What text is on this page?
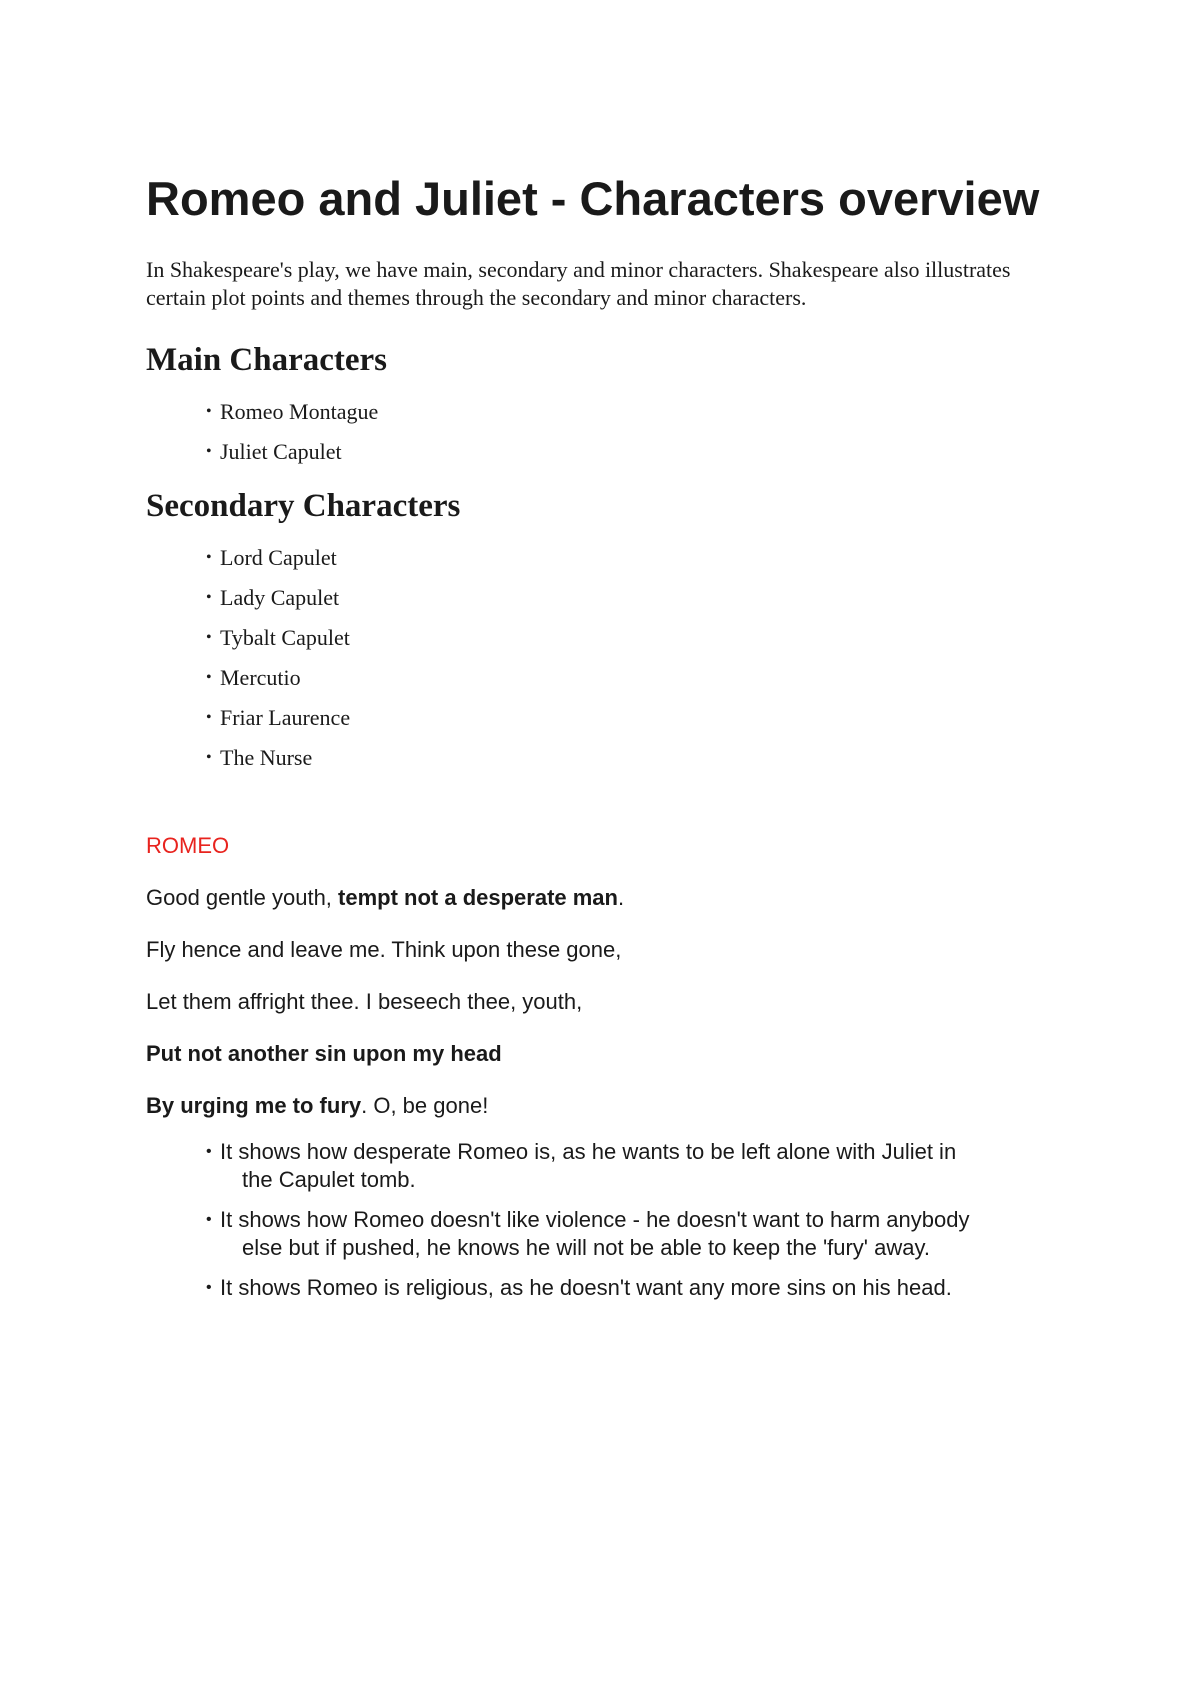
Romeo and Juliet - Characters overview

In Shakespeare's play, we have main, secondary and minor characters. Shakespeare also illustrates certain plot points and themes through the secondary and minor characters.

Main Characters
• Romeo Montague
• Juliet Capulet
Secondary Characters
• Lord Capulet
• Lady Capulet
• Tybalt Capulet
• Mercutio
• Friar Laurence
• The Nurse

ROMEO

Good gentle youth, tempt not a desperate man.

Fly hence and leave me. Think upon these gone,

Let them affright thee. I beseech thee, youth,

Put not another sin upon my head

By urging me to fury. O, be gone!

• It shows how desperate Romeo is, as he wants to be left alone with Juliet in
the Capulet tomb.
• It shows how Romeo doesn't like violence - he doesn't want to harm anybody
else but if pushed, he knows he will not be able to keep the 'fury' away.
• It shows Romeo is religious, as he doesn't want any more sins on his head.
